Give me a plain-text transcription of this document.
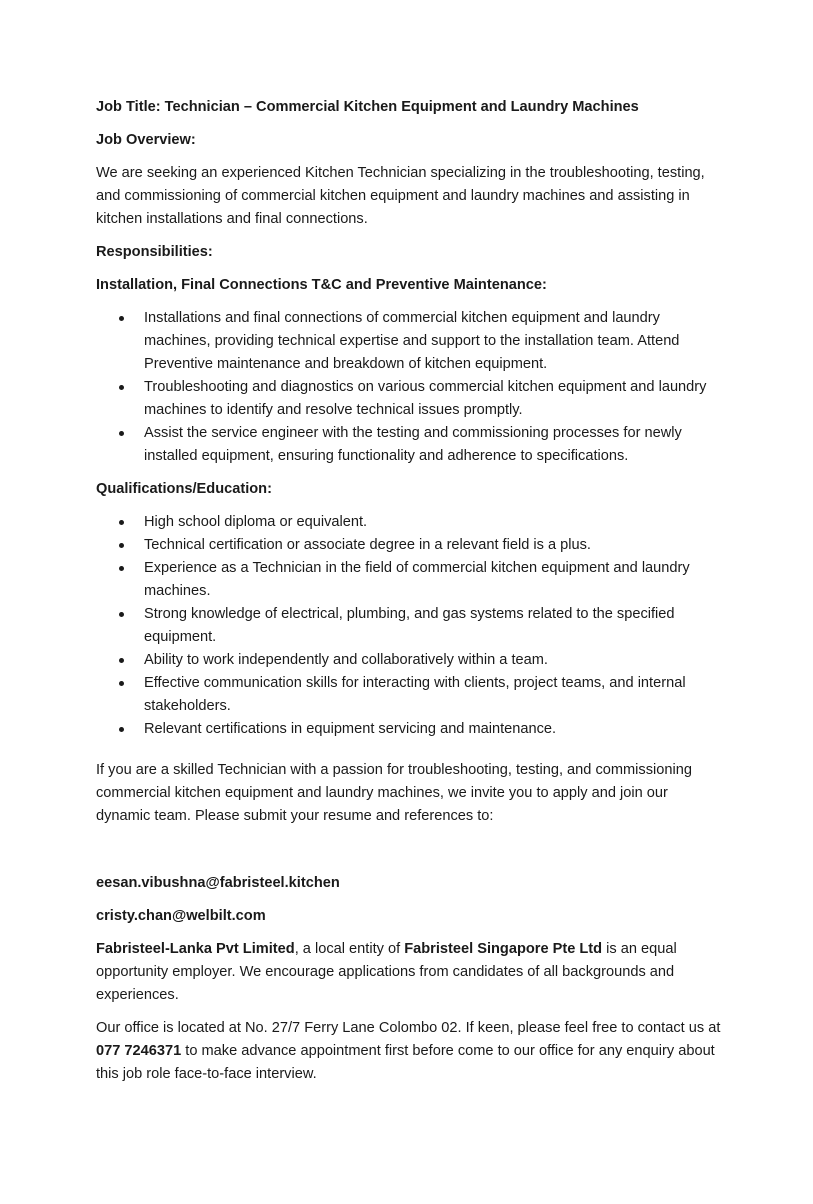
Job Title: Technician – Commercial Kitchen Equipment and Laundry Machines

Job Overview:

We are seeking an experienced Kitchen Technician specializing in the troubleshooting, testing, and commissioning of commercial kitchen equipment and laundry machines and assisting in kitchen installations and final connections.

Responsibilities:

Installation, Final Connections T&C and Preventive Maintenance:

Installations and final connections of commercial kitchen equipment and laundry machines, providing technical expertise and support to the installation team. Attend Preventive maintenance and breakdown of kitchen equipment.
Troubleshooting and diagnostics on various commercial kitchen equipment and laundry machines to identify and resolve technical issues promptly.
Assist the service engineer with the testing and commissioning processes for newly installed equipment, ensuring functionality and adherence to specifications.

Qualifications/Education:

High school diploma or equivalent.
Technical certification or associate degree in a relevant field is a plus.
Experience as a Technician in the field of commercial kitchen equipment and laundry machines.
Strong knowledge of electrical, plumbing, and gas systems related to the specified equipment.
Ability to work independently and collaboratively within a team.
Effective communication skills for interacting with clients, project teams, and internal stakeholders.
Relevant certifications in equipment servicing and maintenance.

If you are a skilled Technician with a passion for troubleshooting, testing, and commissioning commercial kitchen equipment and laundry machines, we invite you to apply and join our dynamic team. Please submit your resume and references to:

eesan.vibushna@fabristeel.kitchen

cristy.chan@welbilt.com

Fabristeel-Lanka Pvt Limited, a local entity of Fabristeel Singapore Pte Ltd is an equal opportunity employer. We encourage applications from candidates of all backgrounds and experiences.

Our office is located at No. 27/7 Ferry Lane Colombo 02. If keen, please feel free to contact us at 077 7246371 to make advance appointment first before come to our office for any enquiry about this job role face-to-face interview.
